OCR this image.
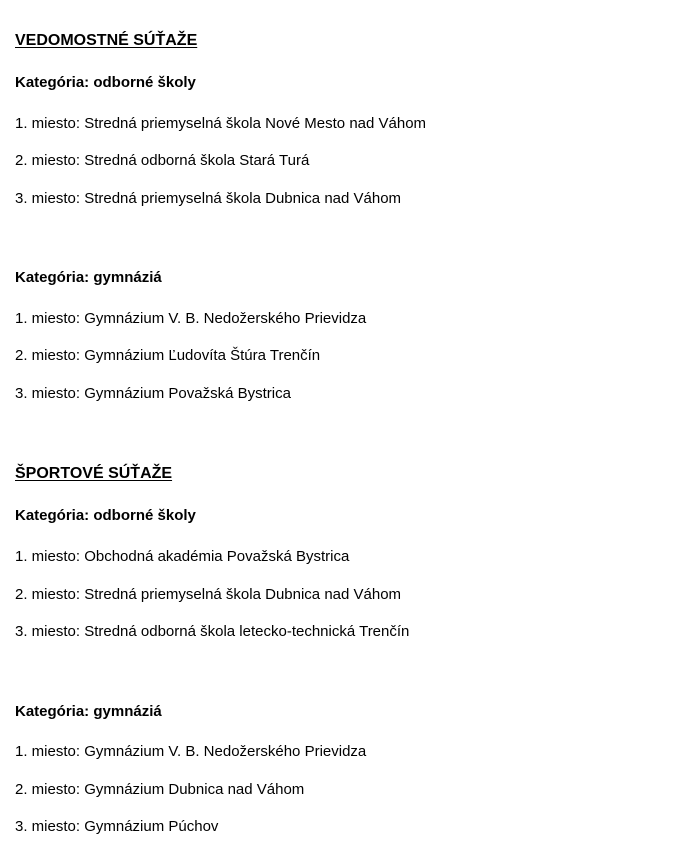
VEDOMOSTNÉ SÚŤAŽE
Kategória: odborné školy
1. miesto: Stredná priemyselná škola Nové Mesto nad Váhom
2. miesto: Stredná odborná škola Stará Turá
3. miesto: Stredná priemyselná škola Dubnica nad Váhom
Kategória: gymnáziá
1. miesto: Gymnázium V. B. Nedožerského Prievidza
2. miesto: Gymnázium Ľudovíta Štúra Trenčín
3. miesto: Gymnázium Považská Bystrica
ŠPORTOVÉ SÚŤAŽE
Kategória: odborné školy
1. miesto: Obchodná akadémia Považská Bystrica
2. miesto: Stredná priemyselná škola Dubnica nad Váhom
3. miesto: Stredná odborná škola letecko-technická Trenčín
Kategória: gymnáziá
1. miesto: Gymnázium V. B. Nedožerského Prievidza
2. miesto: Gymnázium Dubnica nad Váhom
3. miesto: Gymnázium Púchov
